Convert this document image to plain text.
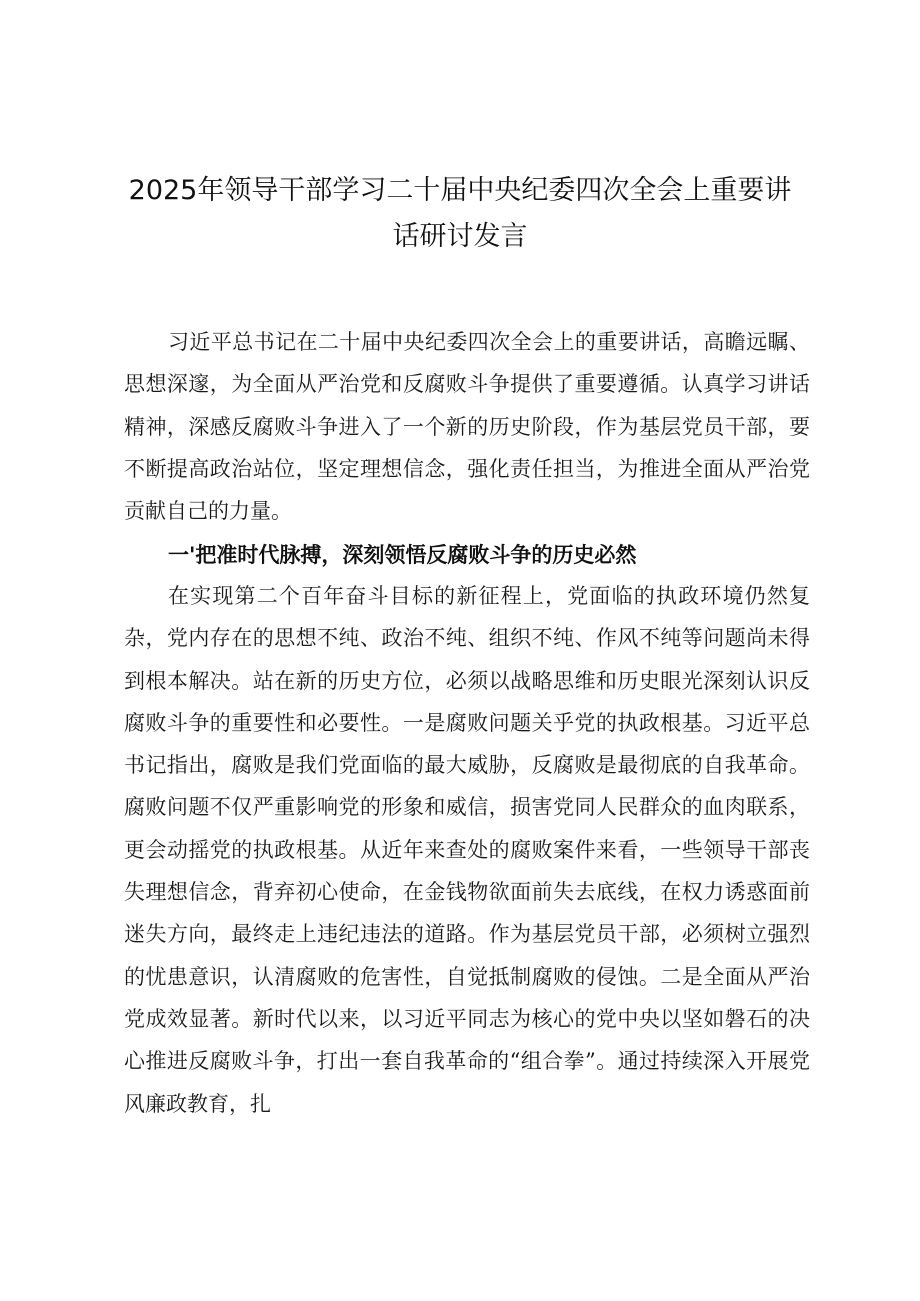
2025年领导干部学习二十届中央纪委四次全会上重要讲
话研讨发言

习近平总书记在二十届中央纪委四次全会上的重要讲话，高瞻远瞩、思想深邃，为全面从严治党和反腐败斗争提供了重要遵循。认真学习讲话精神，深感反腐败斗争进入了一个新的历史阶段，作为基层党员干部，要不断提高政治站位，坚定理想信念，强化责任担当，为推进全面从严治党贡献自己的力量。

一'把准时代脉搏，深刻领悟反腐败斗争的历史必然

在实现第二个百年奋斗目标的新征程上，党面临的执政环境仍然复杂，党内存在的思想不纯、政治不纯、组织不纯、作风不纯等问题尚未得到根本解决。站在新的历史方位，必须以战略思维和历史眼光深刻认识反腐败斗争的重要性和必要性。一是腐败问题关乎党的执政根基。习近平总书记指出，腐败是我们党面临的最大威胁，反腐败是最彻底的自我革命。腐败问题不仅严重影响党的形象和威信，损害党同人民群众的血肉联系，更会动摇党的执政根基。从近年来查处的腐败案件来看，一些领导干部丧失理想信念，背弃初心使命，在金钱物欲面前失去底线，在权力诱惑面前迷失方向，最终走上违纪违法的道路。作为基层党员干部，必须树立强烈的忧患意识，认清腐败的危害性，自觉抵制腐败的侵蚀。二是全面从严治党成效显著。新时代以来，以习近平同志为核心的党中央以坚如磐石的决心推进反腐败斗争，打出一套自我革命的“组合拳”。通过持续深入开展党风廉政教育，扎
